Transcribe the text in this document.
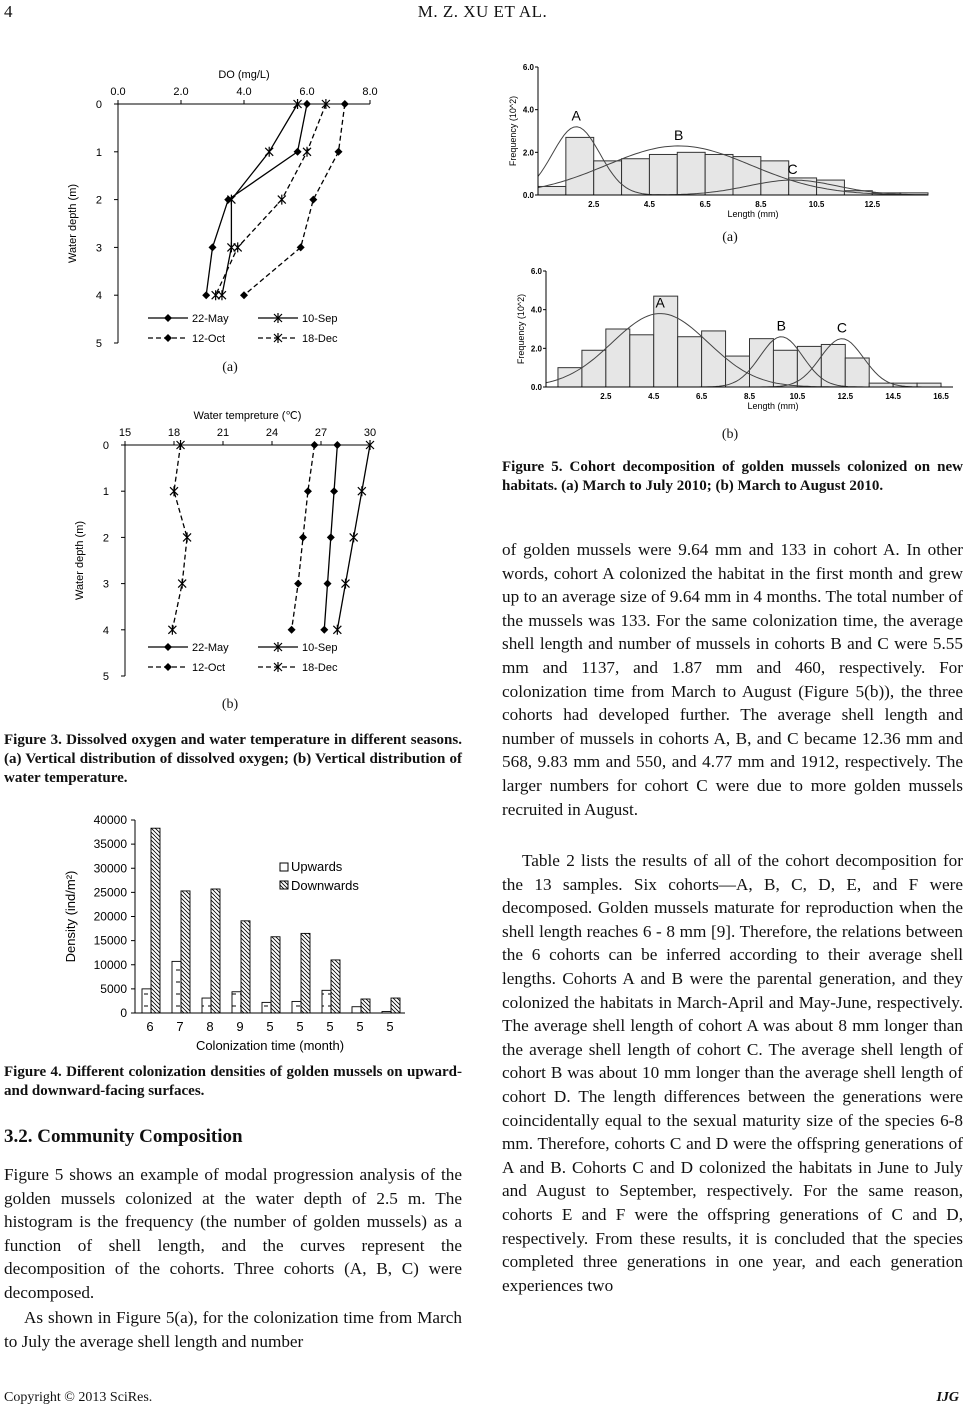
4	M. Z. XU ET AL.
DO (mg/L)
0.0	2.0	4.0	6.0	8.0
0
1
2
3
4
5
Water depth (m)
22-May	10-Sep
12-Oct	18-Dec
(a)
Water tempreture (℃)
15	18	21	24	27	30
0
1
2
3
4
5
Water depth (m)
22-May	10-Sep
12-Oct	18-Dec
(b)
Figure 3. Dissolved oxygen and water temperature in different seasons. (a) Vertical distribution of dissolved oxygen; (b) Vertical distribution of water temperature.
0
5000
10000
15000
20000
25000
30000
35000
40000
6 7 8 9 5 5 5 5 5
Colonization time (month)
Density (ind/m²)
Upwards
Downwards
Figure 4. Different colonization densities of golden mussels on upward- and downward-facing surfaces.
3.2. Community Composition
Figure 5 shows an example of modal progression analysis of the golden mussels colonized at the water depth of 2.5 m. The histogram is the frequency (the number of golden mussels) as a function of shell length, and the curves represent the decomposition of the cohorts. Three cohorts (A, B, C) were decomposed.
As shown in Figure 5(a), for the colonization time from March to July the average shell length and number
A
B
C
0.0
2.0
4.0
6.0
2.5	4.5	6.5	8.5	10.5	12.5
Length (mm)
Frequency (10^2)
(a)
A
B	C
0.0
2.0
4.0
6.0
2.5	4.5	6.5	8.5	10.5	12.5	14.5	16.5
Length (mm)
Frequency (10^2)
(b)
Figure 5. Cohort decomposition of golden mussels colonized on new habitats. (a) March to July 2010; (b) March to August 2010.
of golden mussels were 9.64 mm and 133 in cohort A. In other words, cohort A colonized the habitat in the first month and grew up to an average size of 9.64 mm in 4 months. The total number of the mussels was 133. For the same colonization time, the average shell length and number of mussels in cohorts B and C were 5.55 mm and 1137, and 1.87 mm and 460, respectively. For colonization time from March to August (Figure 5(b)), the three cohorts had developed further. The average shell length and number of mussels in cohorts A, B, and C became 12.36 mm and 568, 9.83 mm and 550, and 4.77 mm and 1912, respectively. The larger numbers for cohort C were due to more golden mussels recruited in August.
Table 2 lists the results of all of the cohort decomposition for the 13 samples. Six cohorts—A, B, C, D, E, and F were decomposed. Golden mussels maturate for reproduction when the shell length reaches 6 - 8 mm [9]. Therefore, the relations between the 6 cohorts can be inferred according to their average shell lengths. Cohorts A and B were the parental generation, and they colonized the habitats in March-April and May-June, respectively. The average shell length of cohort A was about 8 mm longer than the average shell length of cohort C. The average shell length of cohort B was about 10 mm longer than the average shell length of cohort D. The length differences between the generations were coincidentally equal to the sexual maturity size of the species 6-8 mm. Therefore, cohorts C and D were the offspring generations of A and B. Cohorts C and D colonized the habitats in June to July and August to September, respectively. For the same reason, cohorts E and F were the offspring generations of C and D, respectively. From these results, it is concluded that the species completed three generations in one year, and each generation experiences two
Copyright © 2013 SciRes.	IJG
